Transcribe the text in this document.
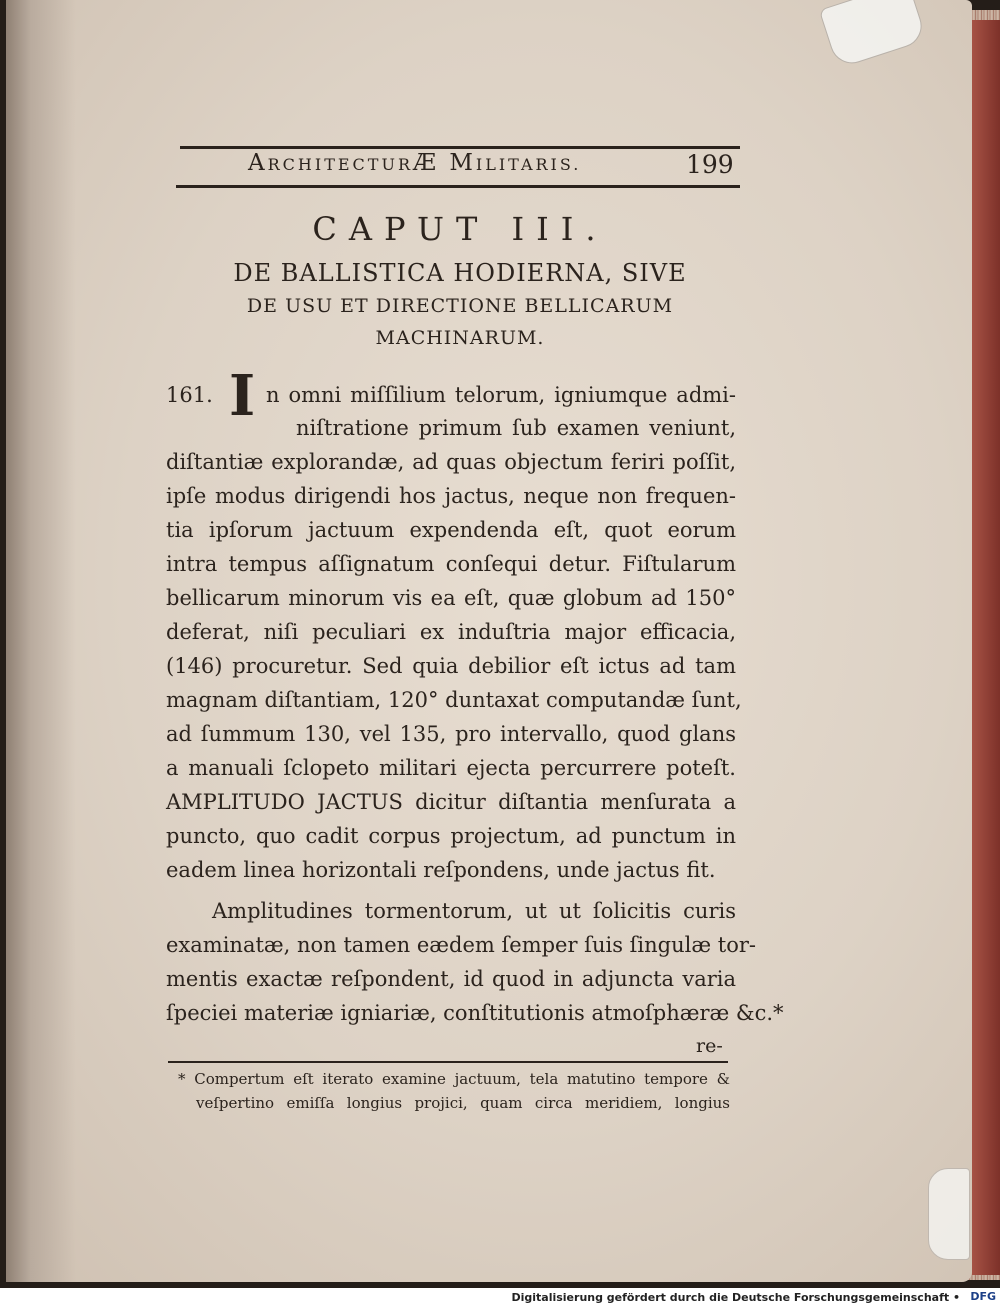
ARCHITECTURÆ MILITARIS.	199
CAPUT III.
DE BALLISTICA HODIERNA, SIVE
DE USU ET DIRECTIONE BELLICARUM
MACHINARUM.
161. I n omni miſſilium telorum, igniumque admi-
niſtratione primum ſub examen veniunt,
diſtantiæ explorandæ, ad quas objectum feriri poſſit,
ipſe modus dirigendi hos jactus, neque non frequen-
tia ipſorum jactuum expendenda eſt, quot eorum
intra tempus aſſignatum conſequi detur. Fiſtularum
bellicarum minorum vis ea eſt, quæ globum ad 150°
deferat, niſi peculiari ex induſtria major efficacia,
(146) procuretur. Sed quia debilior eſt ictus ad tam
magnam diſtantiam, 120° duntaxat computandæ ſunt,
ad ſummum 130, vel 135, pro intervallo, quod glans
a manuali ſclopeto militari ejecta percurrere poteſt.
AMPLITUDO JACTUS dicitur diſtantia menſurata a
puncto, quo cadit corpus projectum, ad punctum in
eadem linea horizontali reſpondens, unde jactus fit.
Amplitudines tormentorum, ut ut ſolicitis curis
examinatæ, non tamen eædem ſemper ſuis ſingulæ tor-
mentis exactæ reſpondent, id quod in adjuncta varia
ſpeciei materiæ igniariæ, conſtitutionis atmoſphæræ &c.*
re-
* Compertum eſt iterato examine jactuum, tela matutino tempore &
veſpertino emiſſa longius projici, quam circa meridiem, longius
Digitalisierung gefördert durch die Deutsche Forschungsgemeinschaft • DFG
